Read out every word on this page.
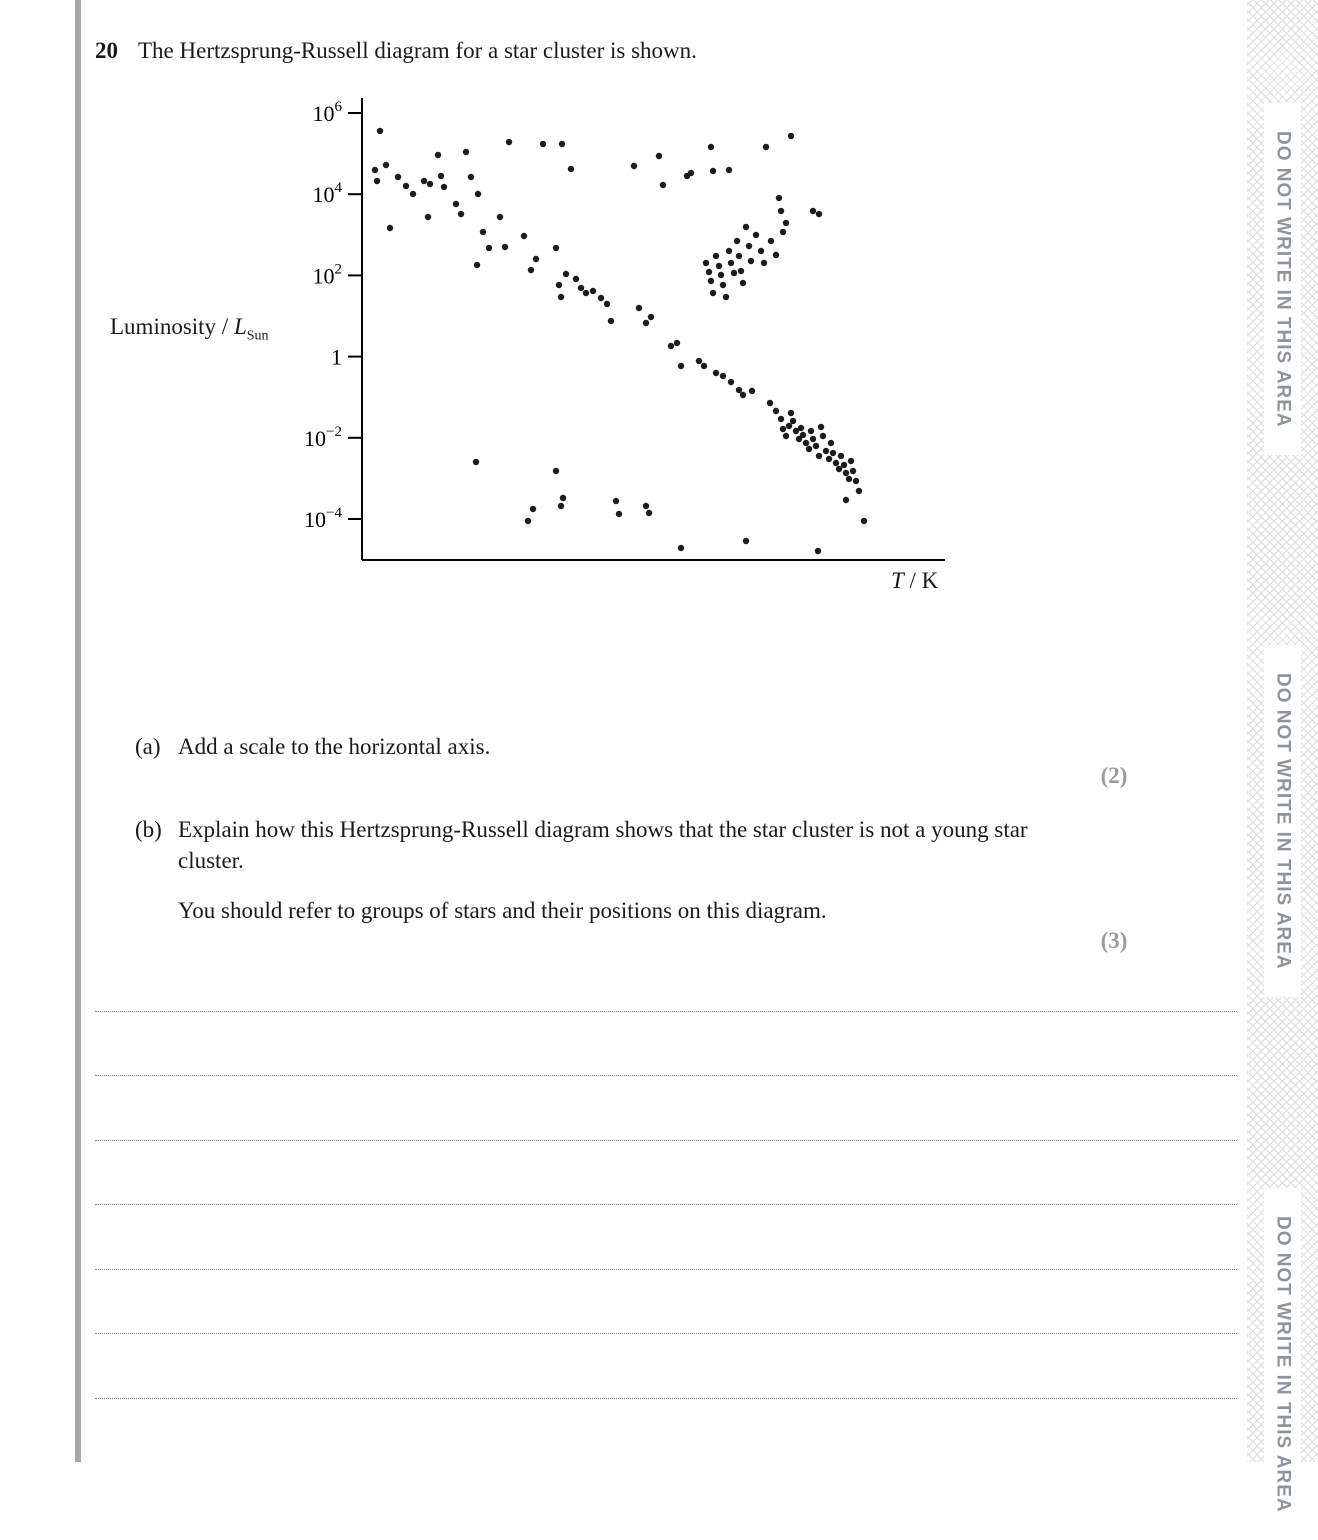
20 The Hertzsprung-Russell diagram for a star cluster is shown.
Luminosity / $L_{Sun}$
$10^6$
$10^4$
$10^2$
1
$10^{-2}$
$10^{-4}$
T / K
(a) Add a scale to the horizontal axis.
(2)
(b) Explain how this Hertzsprung-Russell diagram shows that the star cluster is not a young star cluster.
You should refer to groups of stars and their positions on this diagram.
(3)
DO NOT WRITE IN THIS AREA
DO NOT WRITE IN THIS AREA
DO NOT WRITE IN THIS AREA
